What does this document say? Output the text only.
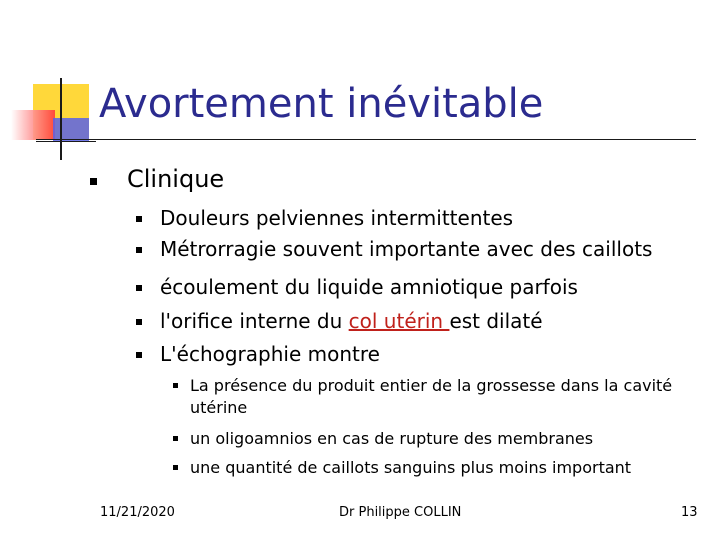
Avortement inévitable
Clinique
Douleurs pelviennes intermittentes
Métrorragie souvent importante avec des caillots
écoulement du liquide amniotique parfois
l'orifice interne du col utérin est dilaté
L'échographie montre
La présence du produit entier de la grossesse dans la cavité utérine
un oligoamnios en cas de rupture des membranes
une quantité de caillots sanguins plus moins important
11/21/2020	Dr Philippe COLLIN	13
